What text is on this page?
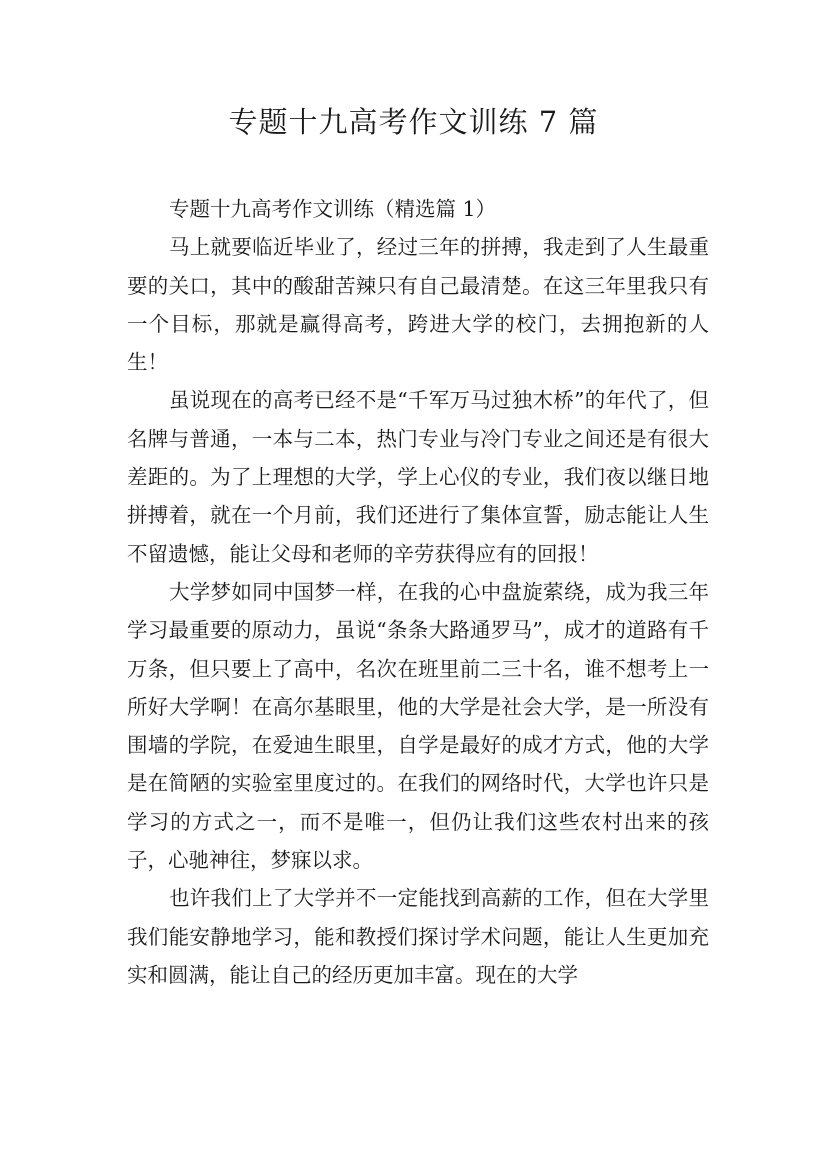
专题十九高考作文训练 7 篇

专题十九高考作文训练（精选篇 1）

马上就要临近毕业了，经过三年的拼搏，我走到了人生最重要的关口，其中的酸甜苦辣只有自己最清楚。在这三年里我只有一个目标，那就是赢得高考，跨进大学的校门，去拥抱新的人生！

虽说现在的高考已经不是“千军万马过独木桥”的年代了，但名牌与普通，一本与二本，热门专业与冷门专业之间还是有很大差距的。为了上理想的大学，学上心仪的专业，我们夜以继日地拼搏着，就在一个月前，我们还进行了集体宣誓，励志能让人生不留遗憾，能让父母和老师的辛劳获得应有的回报！

大学梦如同中国梦一样，在我的心中盘旋萦绕，成为我三年学习最重要的原动力，虽说“条条大路通罗马”，成才的道路有千万条，但只要上了高中，名次在班里前二三十名，谁不想考上一所好大学啊！在高尔基眼里，他的大学是社会大学，是一所没有围墙的学院，在爱迪生眼里，自学是最好的成才方式，他的大学是在简陋的实验室里度过的。在我们的网络时代，大学也许只是学习的方式之一，而不是唯一，但仍让我们这些农村出来的孩子，心驰神往，梦寐以求。

也许我们上了大学并不一定能找到高薪的工作，但在大学里我们能安静地学习，能和教授们探讨学术问题，能让人生更加充实和圆满，能让自己的经历更加丰富。现在的大学
